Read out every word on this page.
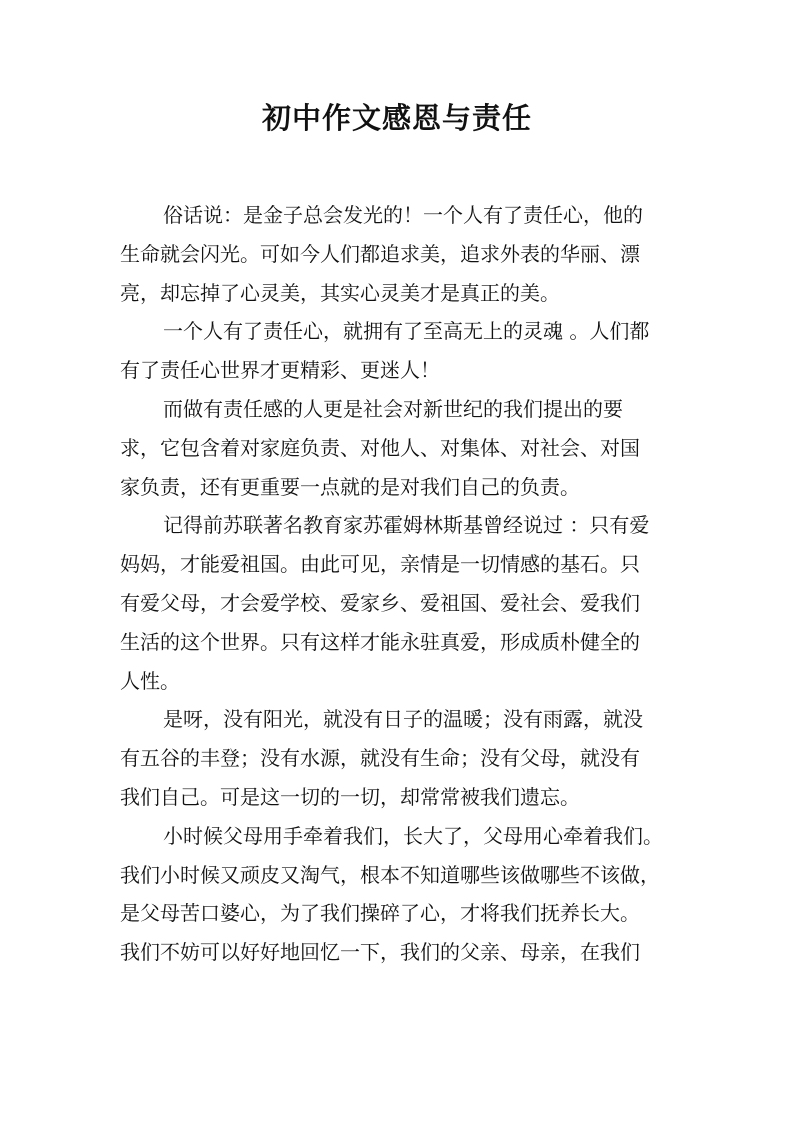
初中作文感恩与责任
俗话说：是金子总会发光的！一个人有了责任心，他的
生命就会闪光。可如今人们都追求美，追求外表的华丽、漂
亮，却忘掉了心灵美，其实心灵美才是真正的美。
一个人有了责任心，就拥有了至高无上的灵魂 。人们都
有了责任心世界才更精彩、更迷人！
而做有责任感的人更是社会对新世纪的我们提出的要
求，它包含着对家庭负责、对他人、对集体、对社会、对国
家负责，还有更重要一点就的是对我们自己的负责。
记得前苏联著名教育家苏霍姆林斯基曾经说过 ：只有爱
妈妈，才能爱祖国。由此可见，亲情是一切情感的基石。只
有爱父母，才会爱学校、爱家乡、爱祖国、爱社会、爱我们
生活的这个世界。只有这样才能永驻真爱，形成质朴健全的
人性。
是呀，没有阳光，就没有日子的温暖；没有雨露，就没
有五谷的丰登；没有水源，就没有生命；没有父母，就没有
我们自己。可是这一切的一切，却常常被我们遗忘。
小时候父母用手牵着我们，长大了，父母用心牵着我们。
我们小时候又顽皮又淘气，根本不知道哪些该做哪些不该做，
是父母苦口婆心，为了我们操碎了心，才将我们抚养长大。
我们不妨可以好好地回忆一下，我们的父亲、母亲，在我们
